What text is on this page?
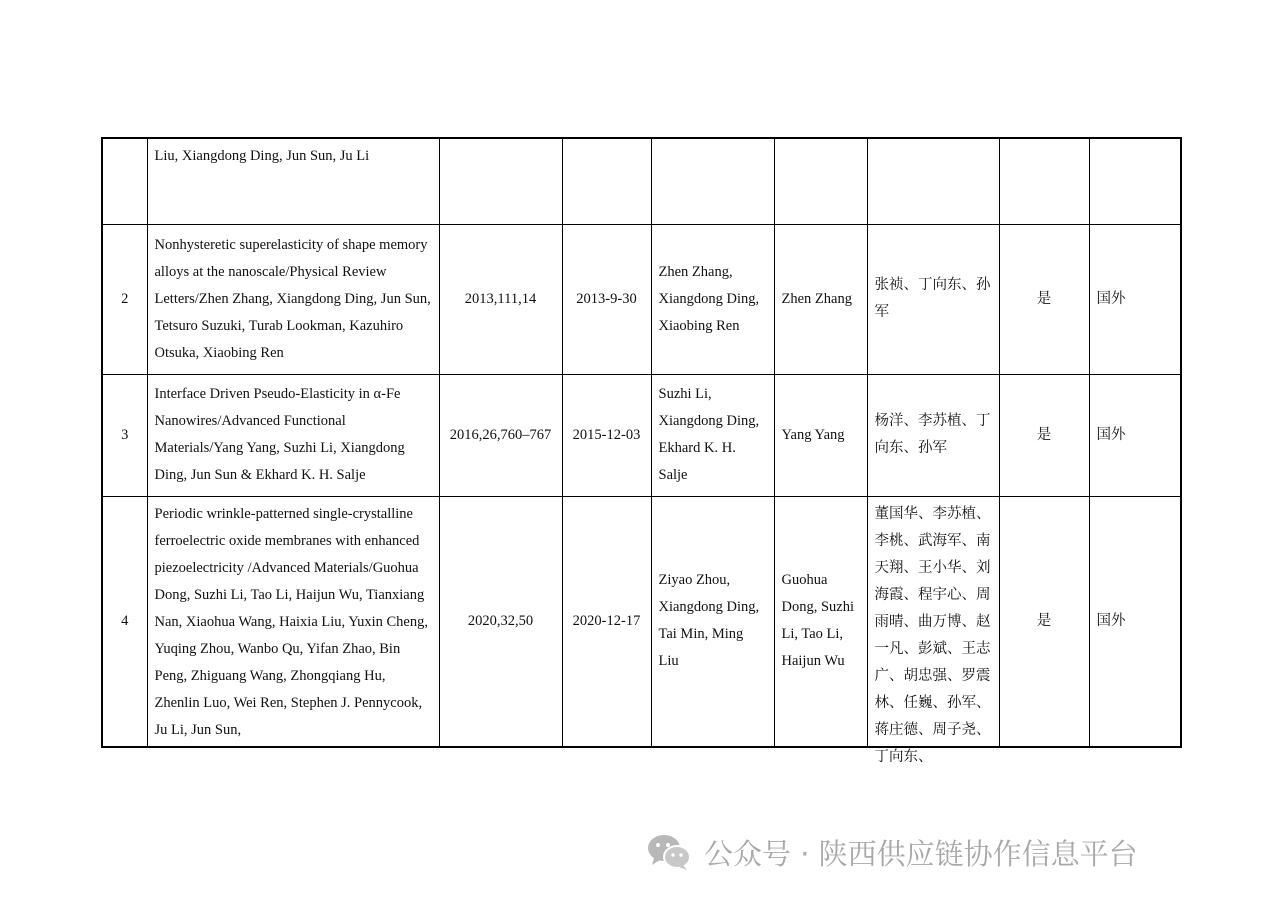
	Liu, Xiangdong Ding, Jun Sun, Ju Li							
2	Nonhysteretic superelasticity of shape memory alloys at the nanoscale/Physical Review Letters/Zhen Zhang, Xiangdong Ding, Jun Sun, Tetsuro Suzuki, Turab Lookman, Kazuhiro Otsuka, Xiaobing Ren	2013,111,14	2013-9-30	Zhen Zhang, Xiangdong Ding, Xiaobing Ren	Zhen Zhang	张祯、丁向东、孙军	是	国外
3	Interface Driven Pseudo-Elasticity in α-Fe Nanowires/Advanced Functional Materials/Yang Yang, Suzhi Li, Xiangdong Ding, Jun Sun & Ekhard K. H. Salje	2016,26,760–767	2015-12-03	Suzhi Li, Xiangdong Ding, Ekhard K. H. Salje	Yang Yang	杨洋、李苏植、丁向东、孙军	是	国外
4	Periodic wrinkle-patterned single-crystalline ferroelectric oxide membranes with enhanced piezoelectricity /Advanced Materials/Guohua Dong, Suzhi Li, Tao Li, Haijun Wu, Tianxiang Nan, Xiaohua Wang, Haixia Liu, Yuxin Cheng, Yuqing Zhou, Wanbo Qu, Yifan Zhao, Bin Peng, Zhiguang Wang, Zhongqiang Hu, Zhenlin Luo, Wei Ren, Stephen J. Pennycook, Ju Li, Jun Sun,	2020,32,50	2020-12-17	Ziyao Zhou, Xiangdong Ding, Tai Min, Ming Liu	Guohua Dong, Suzhi Li, Tao Li, Haijun Wu	董国华、李苏植、李桃、武海军、南天翔、王小华、刘海霞、程宇心、周雨晴、曲万博、赵一凡、彭斌、王志广、胡忠强、罗震林、任巍、孙军、蒋庄德、周子尧、丁向东、	是	国外
公众号 · 陕西供应链协作信息平台
